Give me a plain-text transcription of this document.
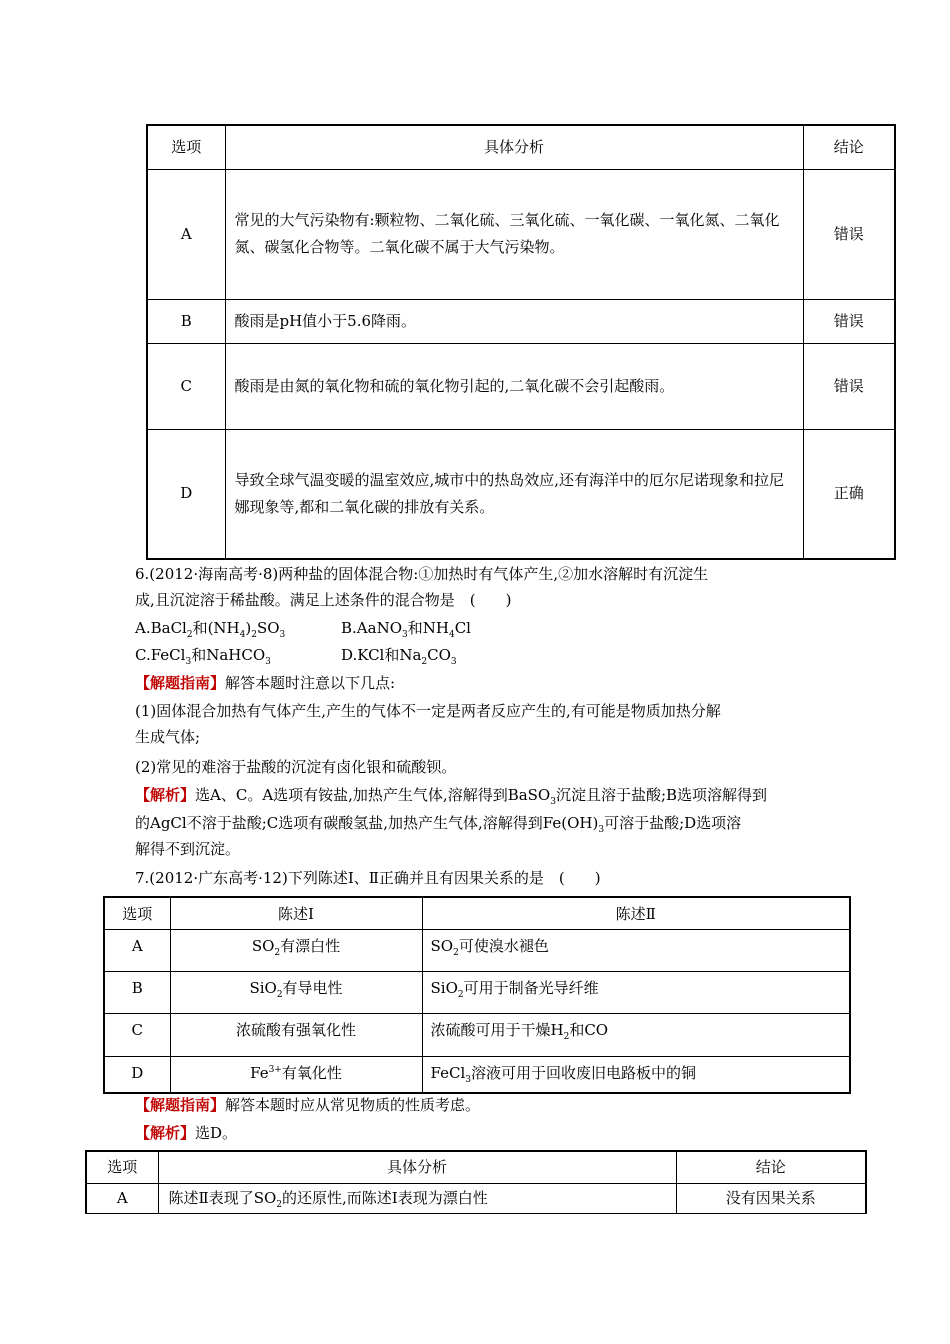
选项	具体分析	结论
A	常见的大气污染物有:颗粒物、二氧化硫、三氧化硫、一氧化碳、一氧化氮、二氧化氮、碳氢化合物等。二氧化碳不属于大气污染物。	错误
B	酸雨是pH值小于5.6降雨。	错误
C	酸雨是由氮的氧化物和硫的氧化物引起的,二氧化碳不会引起酸雨。	错误
D	导致全球气温变暖的温室效应,城市中的热岛效应,还有海洋中的厄尔尼诺现象和拉尼娜现象等,都和二氧化碳的排放有关系。	正确
6.(2012·海南高考·8)两种盐的固体混合物:①加热时有气体产生,②加水溶解时有沉淀生
成,且沉淀溶于稀盐酸。满足上述条件的混合物是　(　　)
A.BaCl$_2$和$(NH_4)_2SO_3$	B.AaNO$_3$和$NH_4Cl$
C.FeCl$_3$和NaHCO$_3$	D.KCl和$Na_2CO_3$
【解题指南】解答本题时注意以下几点:
(1)固体混合加热有气体产生,产生的气体不一定是两者反应产生的,有可能是物质加热分解
生成气体;
(2)常见的难溶于盐酸的沉淀有卤化银和硫酸钡。
【解析】选A、C。A选项有铵盐,加热产生气体,溶解得到BaSO$_3$沉淀且溶于盐酸;B选项溶解得到
的AgCl不溶于盐酸;C选项有碳酸氢盐,加热产生气体,溶解得到$Fe(OH)_3$可溶于盐酸;D选项溶
解得不到沉淀。
7.(2012·广东高考·12)下列陈述Ⅰ、Ⅱ正确并且有因果关系的是　(　　)
选项	陈述Ⅰ	陈述Ⅱ
A	$SO_2$有漂白性	$SO_2$可使溴水褪色
B	SiO$_2$有导电性	SiO$_2$可用于制备光导纤维
C	浓硫酸有强氧化性	浓硫酸可用于干燥$H_2$和CO
D	$Fe^{3+}$有氧化性	FeCl$_3$溶液可用于回收废旧电路板中的铜
【解题指南】解答本题时应从常见物质的性质考虑。
【解析】选D。
选项	具体分析	结论
A	陈述Ⅱ表现了$SO_2$的还原性,而陈述Ⅰ表现为漂白性	没有因果关系
